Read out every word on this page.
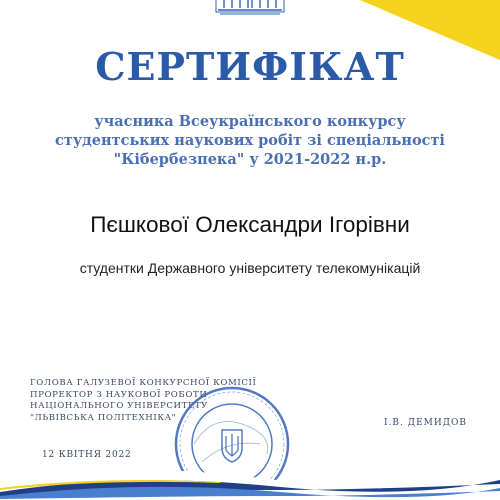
СЕРТИФІКАТ
учасника Всеукраїнського конкурсу
студентських наукових робіт зі спеціальності
"Кібербезпека" у 2021-2022 н.р.
Пєшкової Олександри Ігорівни
студентки Державного університету телекомунікацій
ГОЛОВА ГАЛУЗЕВОЇ КОНКУРСНОЇ КОМІСІЇ
ПРОРЕКТОР З НАУКОВОЇ РОБОТИ
НАЦІОНАЛЬНОГО УНІВЕРСИТЕТУ
"ЛЬВІВСЬКА ПОЛІТЕХНІКА"
І.В. ДЕМИДОВ
12 КВІТНЯ 2022
